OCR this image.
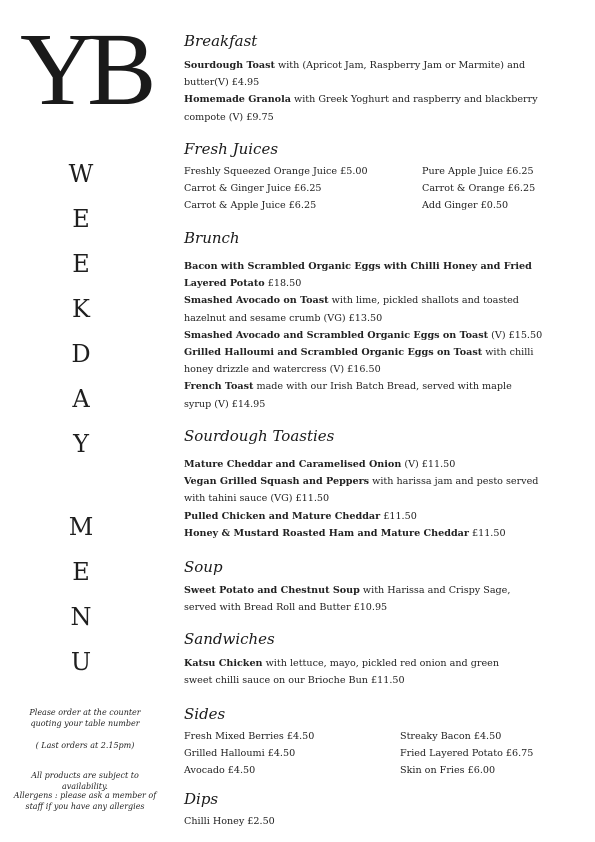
YB
W
E
E
K
D
A
Y
M
E
N
U
Please order at the counter
quoting your table number
( Last orders at 2.15pm)
All products are subject to availability.
Allergens : please ask a member of
staff if you have any allergies

Breakfast

Sourdough Toast with (Apricot Jam, Raspberry Jam or Marmite) and

butter(V) £4.95

Homemade Granola with Greek Yoghurt and raspberry and blackberry

compote (V) £9.75

Fresh Juices

Freshly Squeezed Orange Juice £5.00	Pure Apple Juice £6.25
Carrot & Ginger Juice £6.25	Carrot & Orange £6.25
Carrot & Apple Juice £6.25	Add Ginger £0.50

Brunch

Bacon with Scrambled Organic Eggs with Chilli Honey and Fried

Layered Potato £18.50

Smashed Avocado on Toast with lime, pickled shallots and toasted

hazelnut and sesame crumb (VG) £13.50

Smashed Avocado and Scrambled Organic Eggs on Toast (V) £15.50

Grilled Halloumi and Scrambled Organic Eggs on Toast with chilli

honey drizzle and watercress (V) £16.50

French Toast made with our Irish Batch Bread, served with maple

syrup (V) £14.95

Sourdough Toasties

Mature Cheddar and Caramelised Onion (V) £11.50

Vegan Grilled Squash and Peppers with harissa jam and pesto served

with tahini sauce (VG) £11.50

Pulled Chicken and Mature Cheddar £11.50

Honey & Mustard Roasted Ham and Mature Cheddar £11.50

Soup

Sweet Potato and Chestnut Soup with Harissa and Crispy Sage,

served with Bread Roll and Butter £10.95

Sandwiches

Katsu Chicken with lettuce, mayo, pickled red onion and green

sweet chilli sauce on our Brioche Bun £11.50

Sides

Fresh Mixed Berries £4.50	Streaky Bacon £4.50
Grilled Halloumi £4.50	Fried Layered Potato £6.75
Avocado £4.50	Skin on Fries £6.00

Dips

Chilli Honey £2.50
